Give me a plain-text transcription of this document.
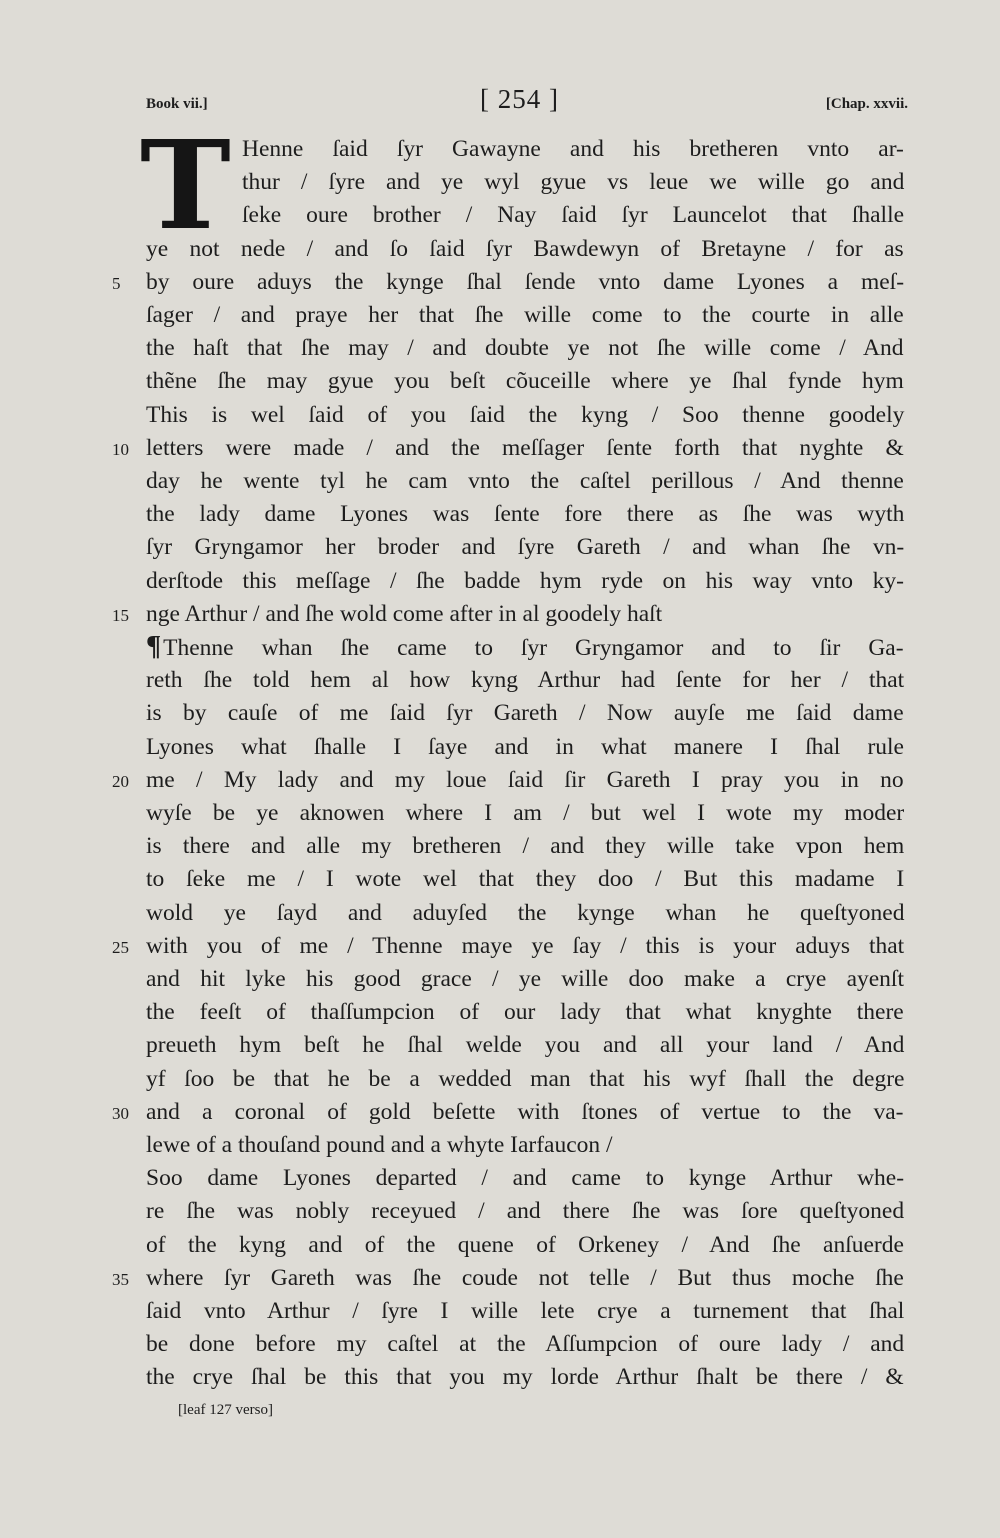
Book vii.]	[ 254 ]	[Chap. xxvii.
T Henne ſaid ſyr Gawayne and his bretheren vnto ar-
thur / ſyre and ye wyl gyue vs leue we wille go and
ſeke oure brother / Nay ſaid ſyr Launcelot that ſhalle
ye not nede / and ſo ſaid ſyr Bawdewyn of Bretayne / for as
by oure aduys the kynge ſhal ſende vnto dame Lyones a meſ-
5
ſager / and praye her that ſhe wille come to the courte in alle
the haſt that ſhe may / and doubte ye not ſhe wille come / And
thẽne ſhe may gyue you beſt cõuceille where ye ſhal fynde hym
This is wel ſaid of you ſaid the kyng / Soo thenne goodely
letters were made / and the meſſager ſente forth that nyghte &
10
day he wente tyl he cam vnto the caſtel perillous / And thenne
the lady dame Lyones was ſente fore there as ſhe was wyth
ſyr Gryngamor her broder and ſyre Gareth / and whan ſhe vn-
derſtode this meſſage / ſhe badde hym ryde on his way vnto ky-
nge Arthur / and ſhe wold come after in al goodely haſt
15
¶Thenne whan ſhe came to ſyr Gryngamor and to ſir Ga-
reth ſhe told hem al how kyng Arthur had ſente for her / that
is by cauſe of me ſaid ſyr Gareth / Now auyſe me ſaid dame
Lyones what ſhalle I ſaye and in what manere I ſhal rule
me / My lady and my loue ſaid ſir Gareth I pray you in no
20
wyſe be ye aknowen where I am / but wel I wote my moder
is there and alle my bretheren / and they wille take vpon hem
to ſeke me / I wote wel that they doo / But this madame I
wold ye ſayd and aduyſed the kynge whan he queſtyoned
with you of me / Thenne maye ye ſay / this is your aduys that
25
and hit lyke his good grace / ye wille doo make a crye ayenſt
the feeſt of thaſſumpcion of our lady that what knyghte there
preueth hym beſt he ſhal welde you and all your land / And
yf ſoo be that he be a wedded man that his wyf ſhall the degre
and a coronal of gold beſette with ſtones of vertue to the va-
30
lewe of a thouſand pound and a whyte Iarfaucon /
Soo dame Lyones departed / and came to kynge Arthur whe-
re ſhe was nobly receyued / and there ſhe was ſore queſtyoned
of the kyng and of the quene of Orkeney / And ſhe anſuerde
where ſyr Gareth was ſhe coude not telle / But thus moche ſhe
35
ſaid vnto Arthur / ſyre I wille lete crye a turnement that ſhal
be done before my caſtel at the Aſſumpcion of oure lady / and
the crye ſhal be this that you my lorde Arthur ſhalt be there / &
[leaf 127 verso]
